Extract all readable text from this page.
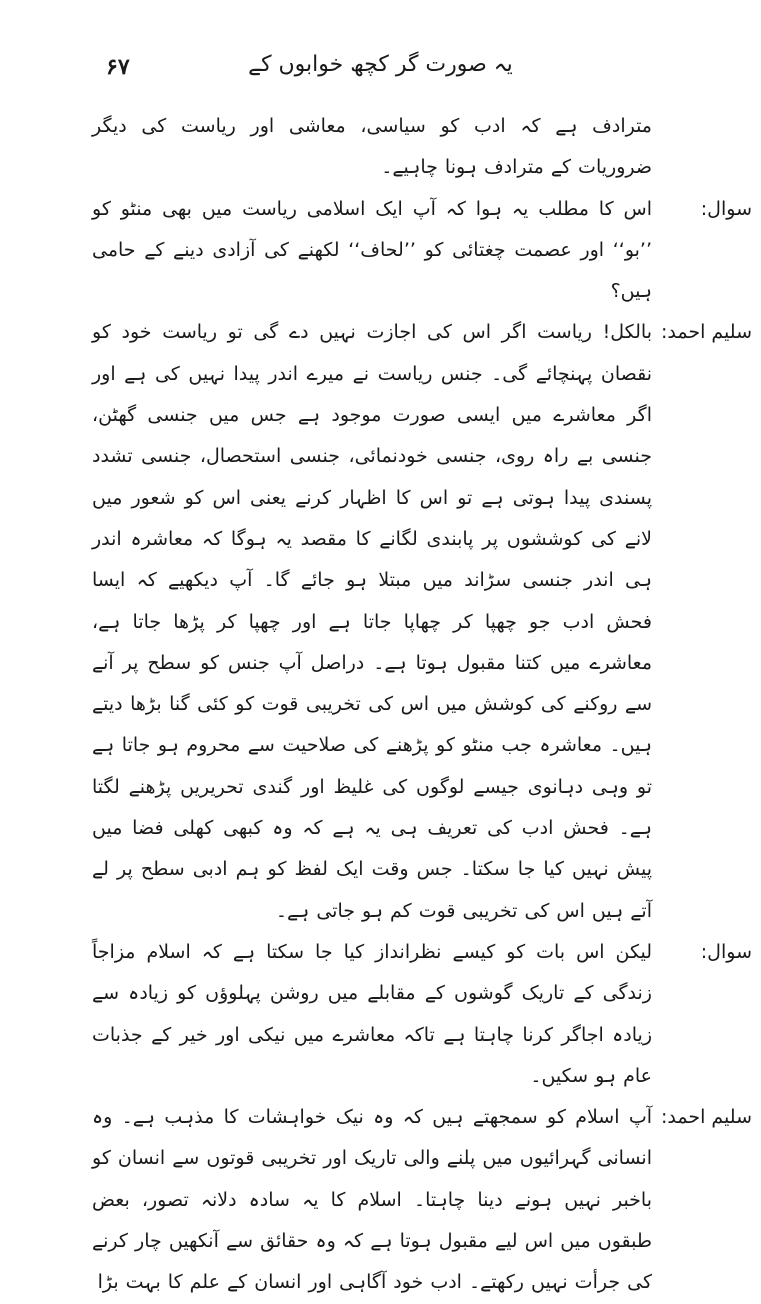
۶۷	یہ صورت گر کچھ خوابوں کے
مترادف ہے کہ ادب کو سیاسی، معاشی اور ریاست کی دیگر ضروریات کے مترادف ہونا چاہیے۔
سوال:
اس کا مطلب یہ ہوا کہ آپ ایک اسلامی ریاست میں بھی منٹو کو ’’بو‘‘ اور عصمت چغتائی کو ’’لحاف‘‘ لکھنے کی آزادی دینے کے حامی ہیں؟
سلیم احمد:
بالکل! ریاست اگر اس کی اجازت نہیں دے گی تو ریاست خود کو نقصان پہنچائے گی۔ جنس ریاست نے میرے اندر پیدا نہیں کی ہے اور اگر معاشرے میں ایسی صورت موجود ہے جس میں جنسی گھٹن، جنسی بے راہ روی، جنسی خودنمائی، جنسی استحصال، جنسی تشدد پسندی پیدا ہوتی ہے تو اس کا اظہار کرنے یعنی اس کو شعور میں لانے کی کوششوں پر پابندی لگانے کا مقصد یہ ہوگا کہ معاشرہ اندر ہی اندر جنسی سڑاند میں مبتلا ہو جائے گا۔ آپ دیکھیے کہ ایسا فحش ادب جو چھپا کر چھاپا جاتا ہے اور چھپا کر پڑھا جاتا ہے، معاشرے میں کتنا مقبول ہوتا ہے۔ دراصل آپ جنس کو سطح پر آنے سے روکنے کی کوشش میں اس کی تخریبی قوت کو کئی گنا بڑھا دیتے ہیں۔ معاشرہ جب منٹو کو پڑھنے کی صلاحیت سے محروم ہو جاتا ہے تو وہی دہانوی جیسے لوگوں کی غلیظ اور گندی تحریریں پڑھنے لگتا ہے۔ فحش ادب کی تعریف ہی یہ ہے کہ وہ کبھی کھلی فضا میں پیش نہیں کیا جا سکتا۔ جس وقت ایک لفظ کو ہم ادبی سطح پر لے آتے ہیں اس کی تخریبی قوت کم ہو جاتی ہے۔
سوال:
لیکن اس بات کو کیسے نظرانداز کیا جا سکتا ہے کہ اسلام مزاجاً زندگی کے تاریک گوشوں کے مقابلے میں روشن پہلوؤں کو زیادہ سے زیادہ اجاگر کرنا چاہتا ہے تاکہ معاشرے میں نیکی اور خیر کے جذبات عام ہو سکیں۔
سلیم احمد:
آپ اسلام کو سمجھتے ہیں کہ وہ نیک خواہشات کا مذہب ہے۔ وہ انسانی گہرائیوں میں پلنے والی تاریک اور تخریبی قوتوں سے انسان کو باخبر نہیں ہونے دینا چاہتا۔ اسلام کا یہ سادہ دلانہ تصور، بعض طبقوں میں اس لیے مقبول ہوتا ہے کہ وہ حقائق سے آنکھیں چار کرنے کی جرأت نہیں رکھتے۔ ادب خود آگاہی اور انسان کے علم کا بہت بڑا
